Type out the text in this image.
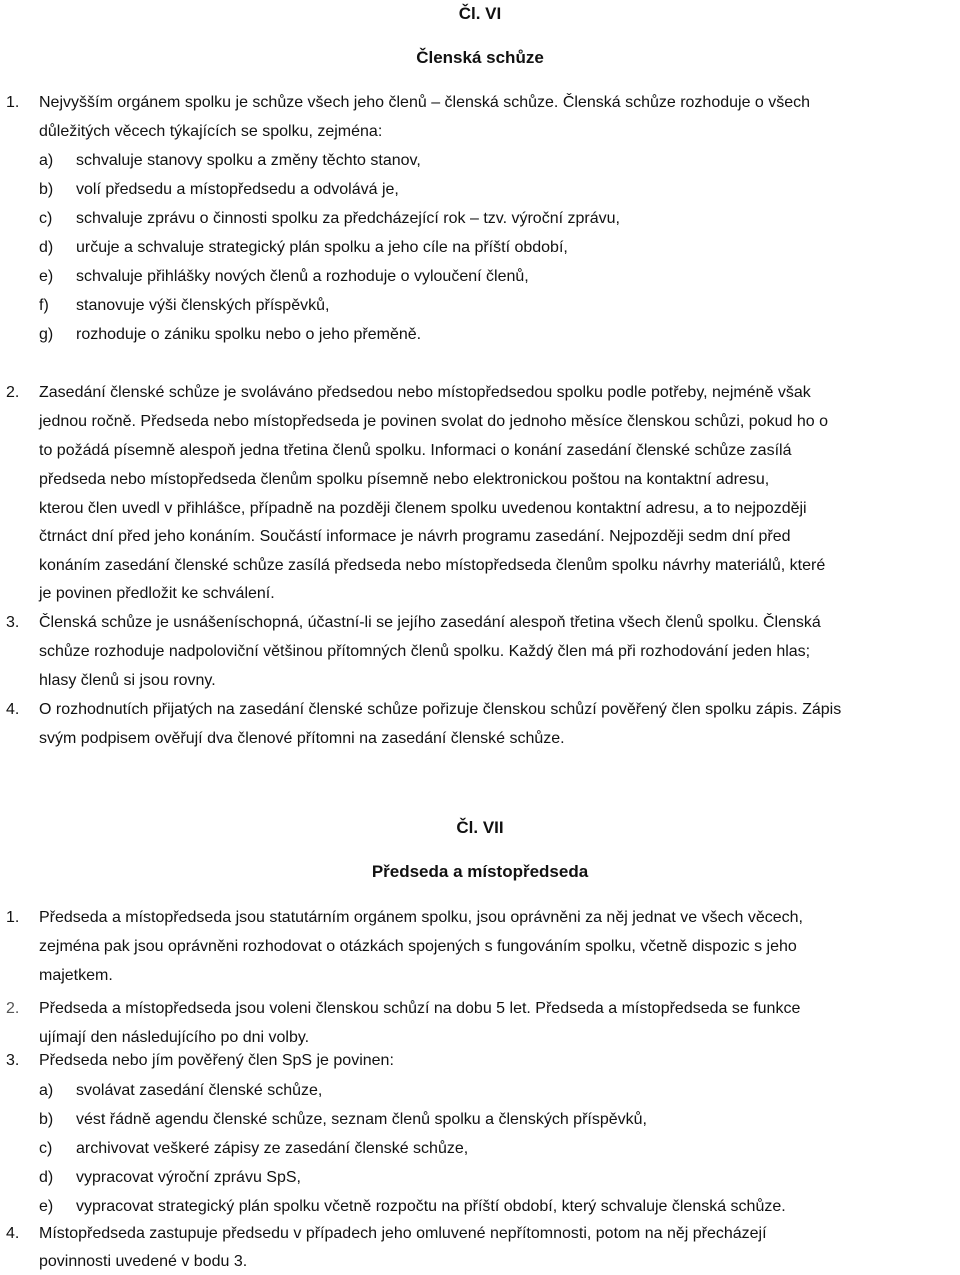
Čl. VI
Členská schůze
1. Nejvyšším orgánem spolku je schůze všech jeho členů – členská schůze. Členská schůze rozhoduje o všech
důležitých věcech týkajících se spolku, zejména:
a) schvaluje stanovy spolku a změny těchto stanov,
b) volí předsedu a místopředsedu a odvolává je,
c) schvaluje zprávu o činnosti spolku za předcházející rok – tzv. výroční zprávu,
d) určuje a schvaluje strategický plán spolku a jeho cíle na příští období,
e) schvaluje přihlášky nových členů a rozhoduje o vyloučení členů,
f) stanovuje výši členských příspěvků,
g) rozhoduje o zániku spolku nebo o jeho přeměně.
2. Zasedání členské schůze je svoláváno předsedou nebo místopředsedou spolku podle potřeby, nejméně však
jednou ročně. Předseda nebo místopředseda je povinen svolat do jednoho měsíce členskou schůzi, pokud ho o
to požádá písemně alespoň jedna třetina členů spolku. Informaci o konání zasedání členské schůze zasílá
předseda nebo místopředseda členům spolku písemně nebo elektronickou poštou na kontaktní adresu,
kterou člen uvedl v přihlášce, případně na později členem spolku uvedenou kontaktní adresu, a to nejpozději
čtrnáct dní před jeho konáním. Součástí informace je návrh programu zasedání. Nejpozději sedm dní před
konáním zasedání členské schůze zasílá předseda nebo místopředseda členům spolku návrhy materiálů, které
je povinen předložit ke schválení.
3. Členská schůze je usnášeníschopná, účastní-li se jejího zasedání alespoň třetina všech členů spolku. Členská
schůze rozhoduje nadpoloviční většinou přítomných členů spolku. Každý člen má při rozhodování jeden hlas;
hlasy členů si jsou rovny.
4. O rozhodnutích přijatých na zasedání členské schůze pořizuje členskou schůzí pověřený člen spolku zápis. Zápis
svým podpisem ověřují dva členové přítomni na zasedání členské schůze.
Čl. VII
Předseda a místopředseda
1. Předseda a místopředseda jsou statutárním orgánem spolku, jsou oprávněni za něj jednat ve všech věcech,
zejména pak jsou oprávněni rozhodovat o otázkách spojených s fungováním spolku, včetně dispozic s jeho
majetkem.
2. Předseda a místopředseda jsou voleni členskou schůzí na dobu 5 let. Předseda a místopředseda se funkce
ujímají den následujícího po dni volby.
3. Předseda nebo jím pověřený člen SpS je povinen:
a) svolávat zasedání členské schůze,
b) vést řádně agendu členské schůze, seznam členů spolku a členských příspěvků,
c) archivovat veškeré zápisy ze zasedání členské schůze,
d) vypracovat výroční zprávu SpS,
e) vypracovat strategický plán spolku včetně rozpočtu na příští období, který schvaluje členská schůze.
4. Místopředseda zastupuje předsedu v případech jeho omluvené nepřítomnosti, potom na něj přecházejí
povinnosti uvedené v bodu 3.
